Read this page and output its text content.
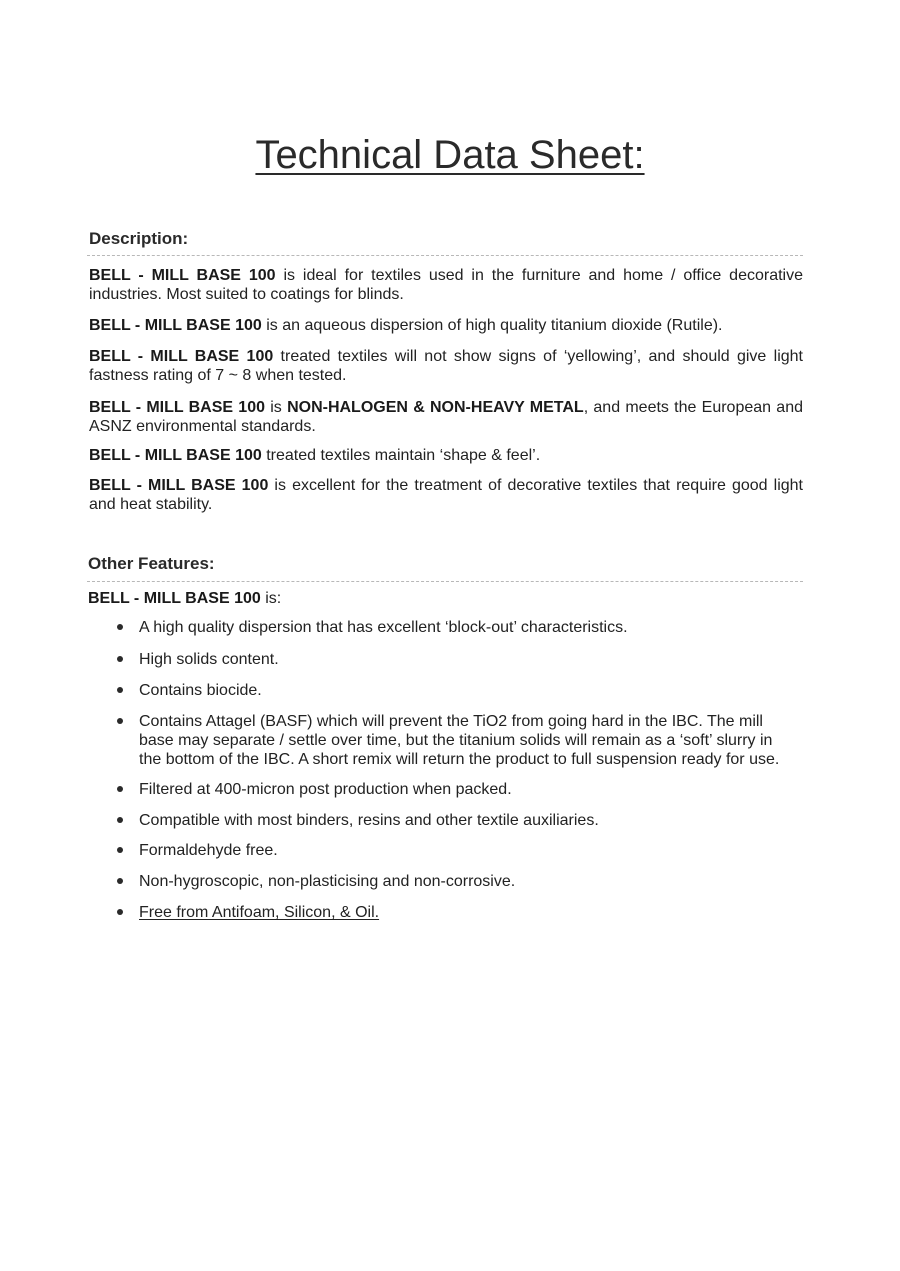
Technical Data Sheet:
Description:
BELL - MILL BASE 100 is ideal for textiles used in the furniture and home / office decorative industries. Most suited to coatings for blinds.
BELL - MILL BASE 100 is an aqueous dispersion of high quality titanium dioxide (Rutile).
BELL - MILL BASE 100 treated textiles will not show signs of ‘yellowing’, and should give light fastness rating of 7 ~ 8 when tested.
BELL - MILL BASE 100 is NON-HALOGEN & NON-HEAVY METAL, and meets the European and ASNZ environmental standards.
BELL - MILL BASE 100 treated textiles maintain ‘shape & feel’.
BELL - MILL BASE 100 is excellent for the treatment of decorative textiles that require good light and heat stability.
Other Features:
BELL - MILL BASE 100 is:
A high quality dispersion that has excellent ‘block-out’ characteristics.
High solids content.
Contains biocide.
Contains Attagel (BASF) which will prevent the TiO2 from going hard in the IBC. The mill base may separate / settle over time, but the titanium solids will remain as a ‘soft’ slurry in the bottom of the IBC. A short remix will return the product to full suspension ready for use.
Filtered at 400-micron post production when packed.
Compatible with most binders, resins and other textile auxiliaries.
Formaldehyde free.
Non-hygroscopic, non-plasticising and non-corrosive.
Free from Antifoam, Silicon, & Oil.
